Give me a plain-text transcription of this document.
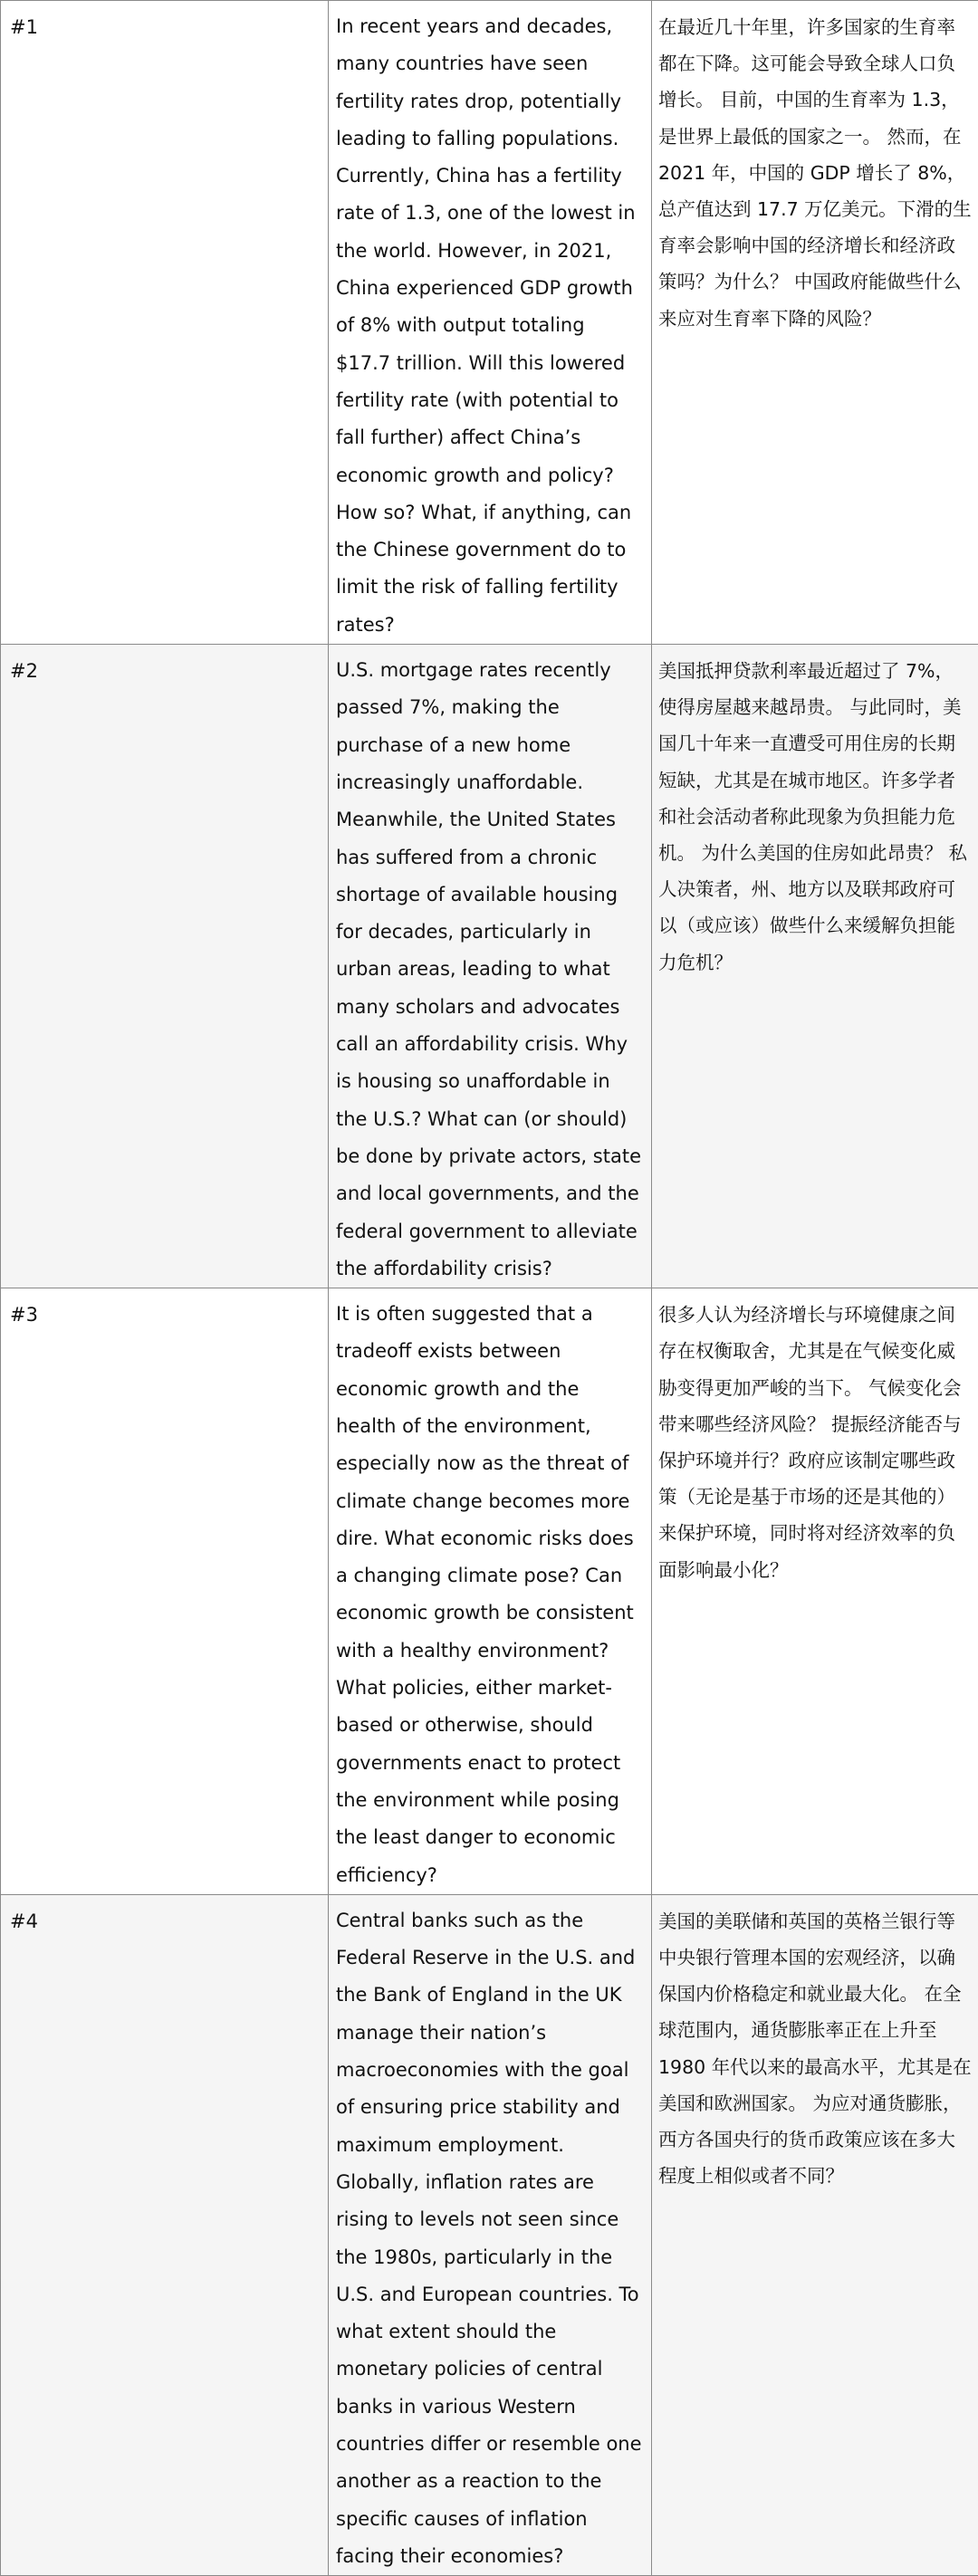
#1	In recent years and decades, many countries have seen fertility rates drop, potentially leading to falling populations. Currently, China has a fertility rate of 1.3, one of the lowest in the world. However, in 2021, China experienced GDP growth of 8% with output totaling $17.7 trillion. Will this lowered fertility rate (with potential to fall further) affect China’s economic growth and policy? How so? What, if anything, can the Chinese government do to limit the risk of falling fertility rates?	在最近几十年里，许多国家的生育率都在下降。这可能会导致全球人口负增长。 目前，中国的生育率为 1.3，是世界上最低的国家之一。 然而，在 2021 年，中国的 GDP 增长了 8%，总产值达到 17.7 万亿美元。下滑的生育率会影响中国的经济增长和经济政策吗？为什么？ 中国政府能做些什么来应对生育率下降的风险？

#2	U.S. mortgage rates recently passed 7%, making the purchase of a new home increasingly unaffordable. Meanwhile, the United States has suffered from a chronic shortage of available housing for decades, particularly in urban areas, leading to what many scholars and advocates call an affordability crisis. Why is housing so unaffordable in the U.S.? What can (or should) be done by private actors, state and local governments, and the federal government to alleviate the affordability crisis?	美国抵押贷款利率最近超过了 7%，使得房屋越来越昂贵。 与此同时，美国几十年来一直遭受可用住房的长期短缺，尤其是在城市地区。许多学者和社会活动者称此现象为负担能力危机。 为什么美国的住房如此昂贵？ 私人决策者，州、地方以及联邦政府可以（或应该）做些什么来缓解负担能力危机？

#3	It is often suggested that a tradeoff exists between economic growth and the health of the environment, especially now as the threat of climate change becomes more dire. What economic risks does a changing climate pose? Can economic growth be consistent with a healthy environment? What policies, either market-based or otherwise, should governments enact to protect the environment while posing the least danger to economic efficiency?	很多人认为经济增长与环境健康之间存在权衡取舍，尤其是在气候变化威胁变得更加严峻的当下。 气候变化会带来哪些经济风险？ 提振经济能否与保护环境并行？政府应该制定哪些政策（无论是基于市场的还是其他的）来保护环境，同时将对经济效率的负面影响最小化？

#4	Central banks such as the Federal Reserve in the U.S. and the Bank of England in the UK manage their nation’s macroeconomies with the goal of ensuring price stability and maximum employment. Globally, inflation rates are rising to levels not seen since the 1980s, particularly in the U.S. and European countries. To what extent should the monetary policies of central banks in various Western countries differ or resemble one another as a reaction to the specific causes of inflation facing their economies?	美国的美联储和英国的英格兰银行等中央银行管理本国的宏观经济，以确保国内价格稳定和就业最大化。 在全球范围内，通货膨胀率正在上升至 1980 年代以来的最高水平，尤其是在美国和欧洲国家。 为应对通货膨胀，西方各国央行的货币政策应该在多大程度上相似或者不同？
